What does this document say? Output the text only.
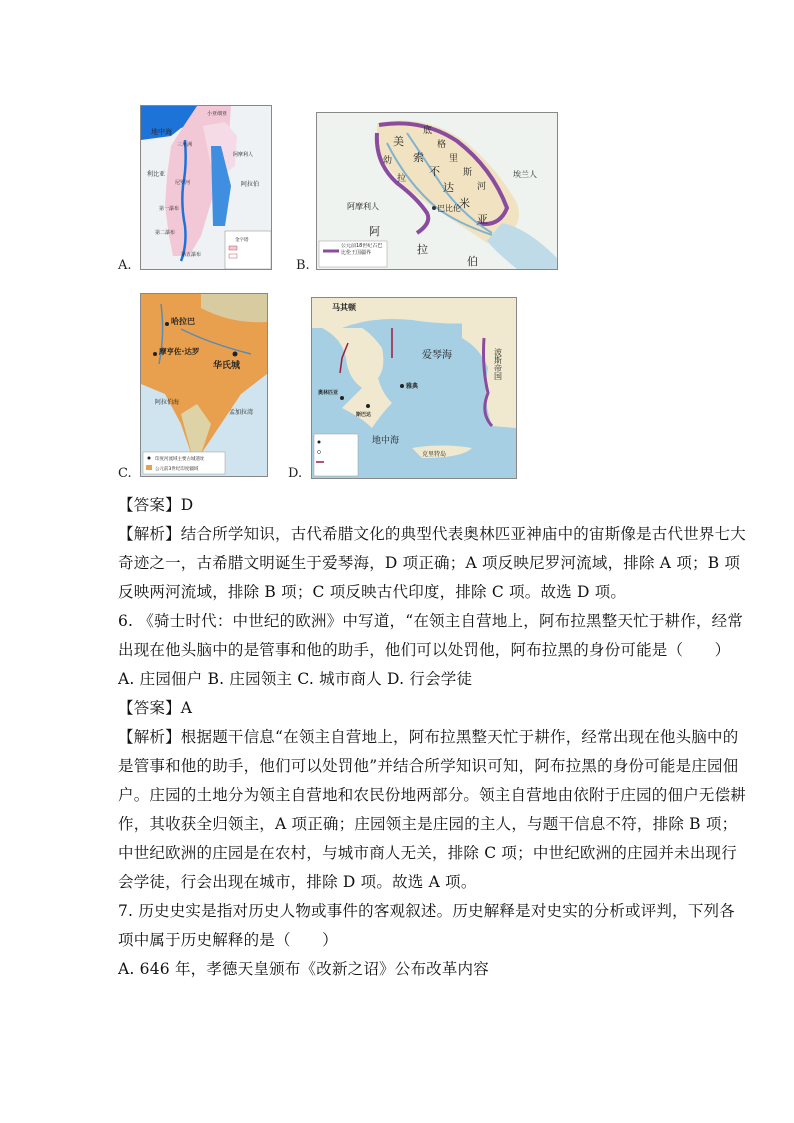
A.	B.
C.	D.
地中海
小亚细亚
三角洲
利比亚
尼罗河	阿拉伯
阿摩利人
第一瀑布
第二瀑布
第五瀑布
金字塔
美
索
不
达
米
亚
底
格
里
斯
河
幼
拉
阿摩利人	巴比伦
埃兰人
阿
拉
伯
公元前18世纪古巴比伦王国疆界
哈拉巴
摩亨佐·达罗
华氏城
阿拉伯海
孟加拉湾
印度河流域主要古城遗址
公元前3世纪印度疆域
马其顿
波斯帝国
雅典
奥林匹亚
斯巴达
克里特岛
爱琴海
地中海
【答案】D
【解析】结合所学知识，古代希腊文化的典型代表奥林匹亚神庙中的宙斯像是古代世界七大
奇迹之一，古希腊文明诞生于爱琴海，D 项正确；A 项反映尼罗河流域，排除 A 项；B 项
反映两河流域，排除 B 项；C 项反映古代印度，排除 C 项。故选 D 项。
6. 《骑士时代：中世纪的欧洲》中写道，“在领主自营地上，阿布拉黑整天忙于耕作，经常
出现在他头脑中的是管事和他的助手，他们可以处罚他，阿布拉黑的身份可能是（　　）
A. 庄园佃户 B. 庄园领主 C. 城市商人 D. 行会学徒
【答案】A
【解析】根据题干信息“在领主自营地上，阿布拉黑整天忙于耕作，经常出现在他头脑中的
是管事和他的助手，他们可以处罚他”并结合所学知识可知，阿布拉黑的身份可能是庄园佃
户。庄园的土地分为领主自营地和农民份地两部分。领主自营地由依附于庄园的佃户无偿耕
作，其收获全归领主，A 项正确；庄园领主是庄园的主人，与题干信息不符，排除 B 项；
中世纪欧洲的庄园是在农村，与城市商人无关，排除 C 项；中世纪欧洲的庄园并未出现行
会学徒，行会出现在城市，排除 D 项。故选 A 项。
7. 历史史实是指对历史人物或事件的客观叙述。历史解释是对史实的分析或评判，下列各
项中属于历史解释的是（　　）
A. 646 年，孝德天皇颁布《改新之诏》公布改革内容
